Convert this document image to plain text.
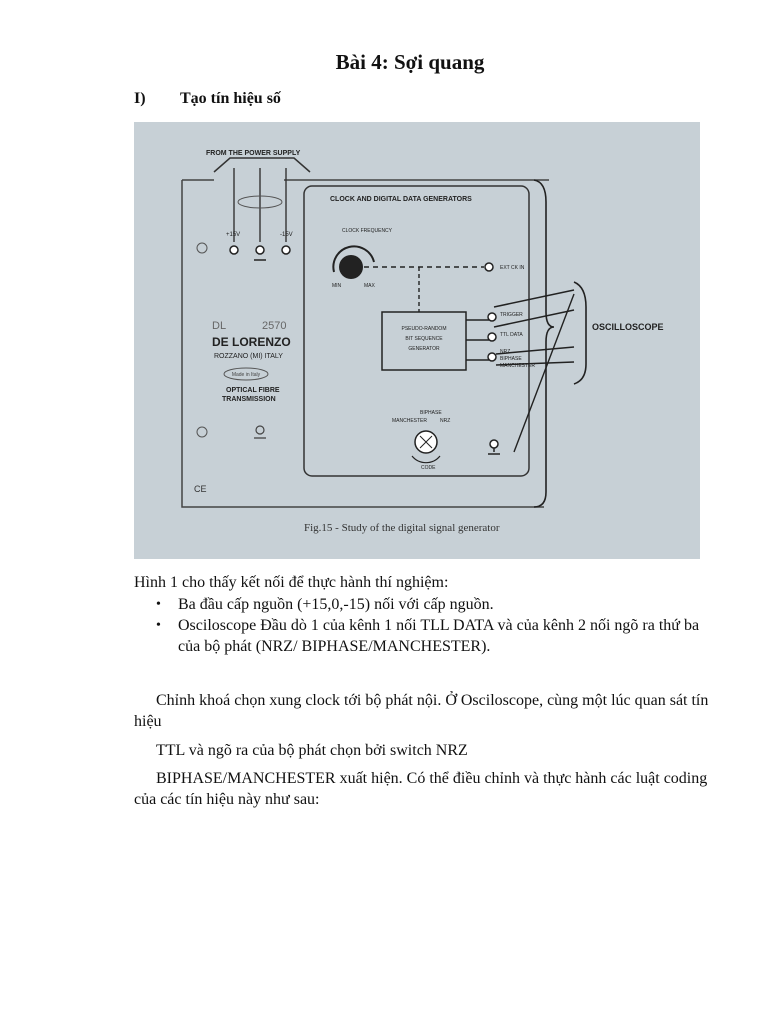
Bài 4: Sợi quang
I) Tạo tín hiệu số
FROM THE POWER SUPPLY
+15V	-15V
CLOCK AND DIGITAL DATA GENERATORS
CLOCK FREQUENCY
MIN	MAX
EXT CK IN
PSEUDO-RANDOM
BIT SEQUENCE
GENERATOR
TRIGGER
TTL DATA
NRZ
BIPHASE
MANCHESTER
OSCILLOSCOPE
DL	2570
DE LORENZO
ROZZANO (MI) ITALY
Made in Italy
OPTICAL FIBRE
TRANSMISSION
CE
MANCHESTER
BIPHASE
NRZ
CODE
Fig.15 - Study of the digital signal generator
Hình 1 cho thấy kết nối để thực hành thí nghiệm:
• Ba đầu cấp nguồn (+15,0,-15) nối với cấp nguồn.
• Osciloscope Đầu dò 1 của kênh 1 nối TLL DATA và của kênh 2 nối ngõ ra thứ ba của bộ phát (NRZ/ BIPHASE/MANCHESTER).
Chỉnh khoá chọn xung clock tới bộ phát nội. Ở Osciloscope, cùng một lúc quan sát tín hiệu
TTL và ngõ ra của bộ phát chọn bởi switch NRZ
BIPHASE/MANCHESTER xuất hiện. Có thể điều chỉnh và thực hành các luật coding của các tín hiệu này như sau:
